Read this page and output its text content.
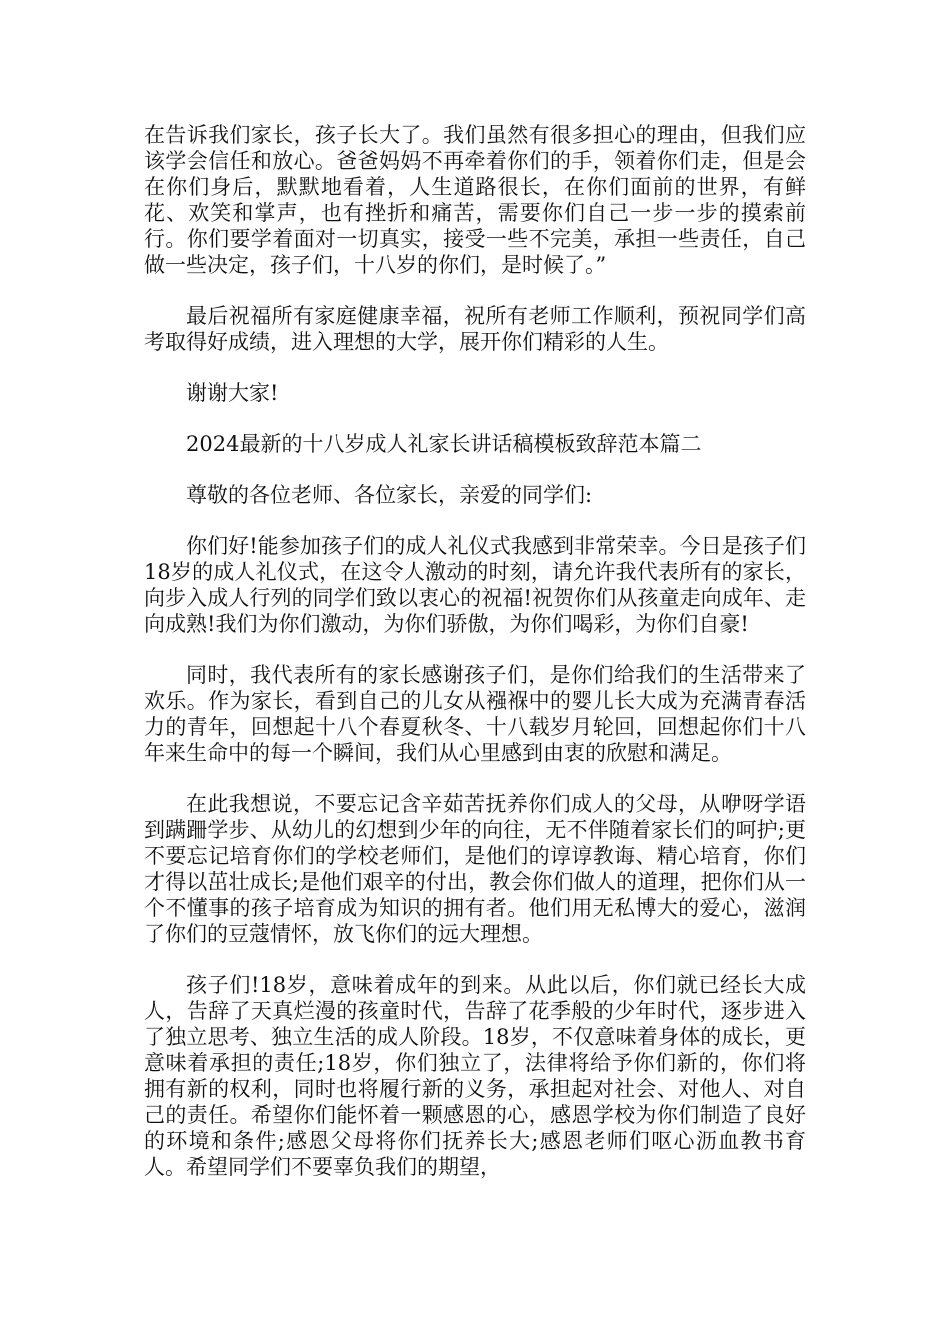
在告诉我们家长，孩子长大了。我们虽然有很多担心的理由，但我们应该学会信任和放心。爸爸妈妈不再牵着你们的手，领着你们走，但是会在你们身后，默默地看着，人生道路很长，在你们面前的世界，有鲜花、欢笑和掌声，也有挫折和痛苦，需要你们自己一步一步的摸索前行。你们要学着面对一切真实，接受一些不完美，承担一些责任，自己做一些决定，孩子们，十八岁的你们，是时候了。”

最后祝福所有家庭健康幸福，祝所有老师工作顺利，预祝同学们高考取得好成绩，进入理想的大学，展开你们精彩的人生。

谢谢大家!

2024最新的十八岁成人礼家长讲话稿模板致辞范本篇二

尊敬的各位老师、各位家长，亲爱的同学们:

你们好!能参加孩子们的成人礼仪式我感到非常荣幸。今日是孩子们18岁的成人礼仪式，在这令人激动的时刻，请允许我代表所有的家长，向步入成人行列的同学们致以衷心的祝福!祝贺你们从孩童走向成年、走向成熟!我们为你们激动，为你们骄傲，为你们喝彩，为你们自豪!

同时，我代表所有的家长感谢孩子们，是你们给我们的生活带来了欢乐。作为家长，看到自己的儿女从襁褓中的婴儿长大成为充满青春活力的青年，回想起十八个春夏秋冬、十八载岁月轮回，回想起你们十八年来生命中的每一个瞬间，我们从心里感到由衷的欣慰和满足。

在此我想说，不要忘记含辛茹苦抚养你们成人的父母，从咿呀学语到蹒跚学步、从幼儿的幻想到少年的向往，无不伴随着家长们的呵护;更不要忘记培育你们的学校老师们，是他们的谆谆教诲、精心培育，你们才得以茁壮成长;是他们艰辛的付出，教会你们做人的道理，把你们从一个不懂事的孩子培育成为知识的拥有者。他们用无私博大的爱心，滋润了你们的豆蔻情怀，放飞你们的远大理想。

孩子们!18岁，意味着成年的到来。从此以后，你们就已经长大成人，告辞了天真烂漫的孩童时代，告辞了花季般的少年时代，逐步进入了独立思考、独立生活的成人阶段。18岁，不仅意味着身体的成长，更意味着承担的责任;18岁，你们独立了，法律将给予你们新的，你们将拥有新的权利，同时也将履行新的义务，承担起对社会、对他人、对自己的责任。希望你们能怀着一颗感恩的心，感恩学校为你们制造了良好的环境和条件;感恩父母将你们抚养长大;感恩老师们呕心沥血教书育人。希望同学们不要辜负我们的期望，
